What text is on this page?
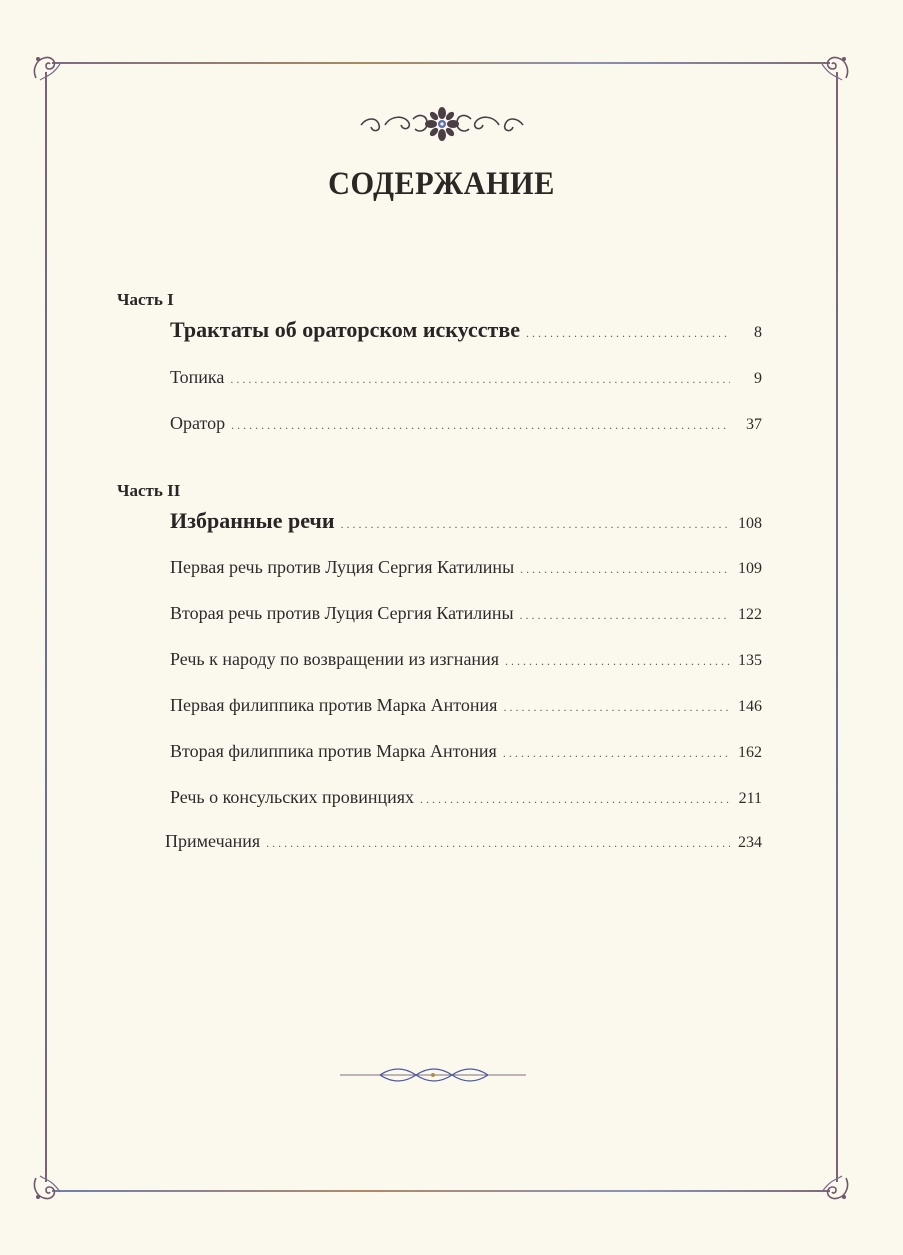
СОДЕРЖАНИЕ
Часть I
Трактаты об ораторском искусстве . . .	8
Топика . . .	9
Оратор . . .	37
Часть II
Избранные речи . . .	108
Первая речь против Луция Сергия Катилины . . .	109
Вторая речь против Луция Сергия Катилины . . .	122
Речь к народу по возвращении из изгнания . . .	135
Первая филиппика против Марка Антония . . .	146
Вторая филиппика против Марка Антония . . .	162
Речь о консульских провинциях . . .	211
Примечания . . .	234
